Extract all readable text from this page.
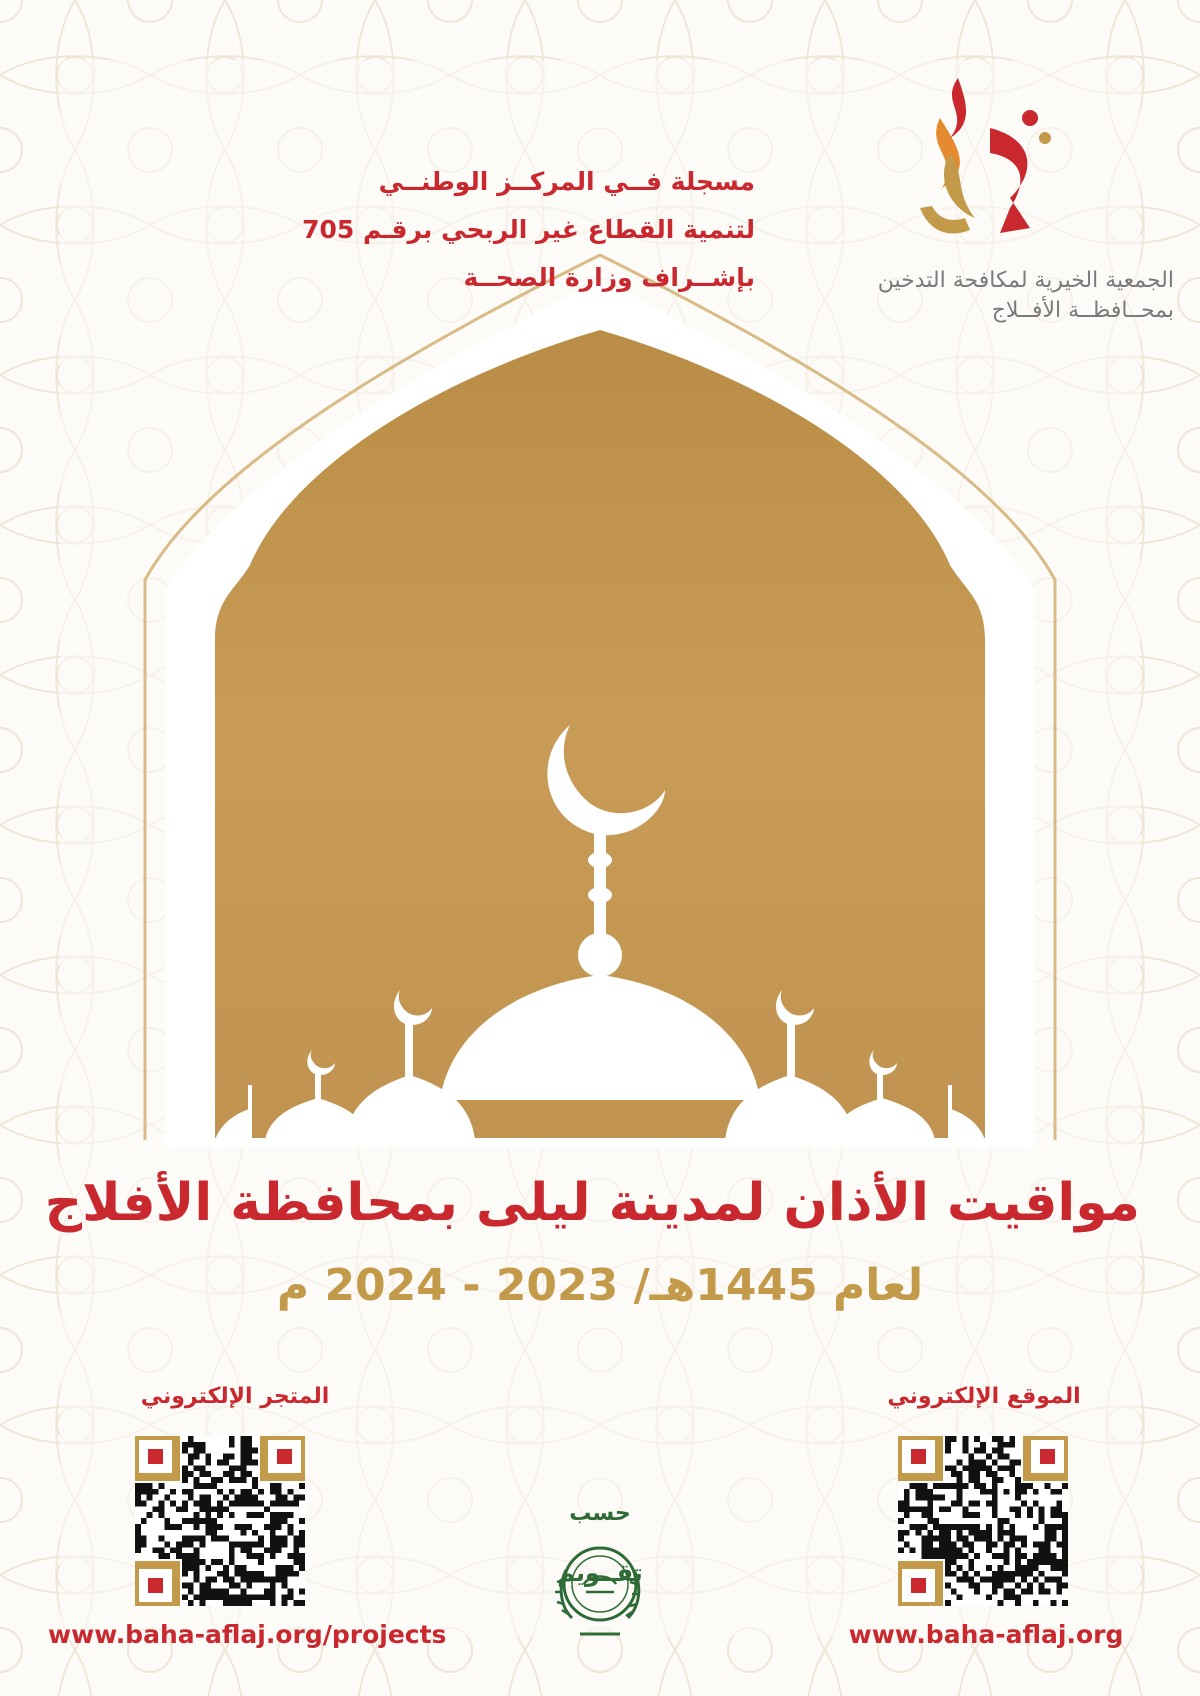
الجمعية الخيرية لمكافحة التدخين
بمحــافظــة الأفــلاج
مسجلة فــي المركــز الوطنــي
لتنمية القطاع غير الربحي برقـم 705
بإشــراف وزارة الصحــة
مواقيت الأذان لمدينة ليلى بمحافظة الأفلاج
لعام 1445هـ/ 2023 - 2024 م
المتجر الإلكتروني
www.baha-aflaj.org/projects
الموقع الإلكتروني
www.baha-aflaj.org
حسب
تقــويم
